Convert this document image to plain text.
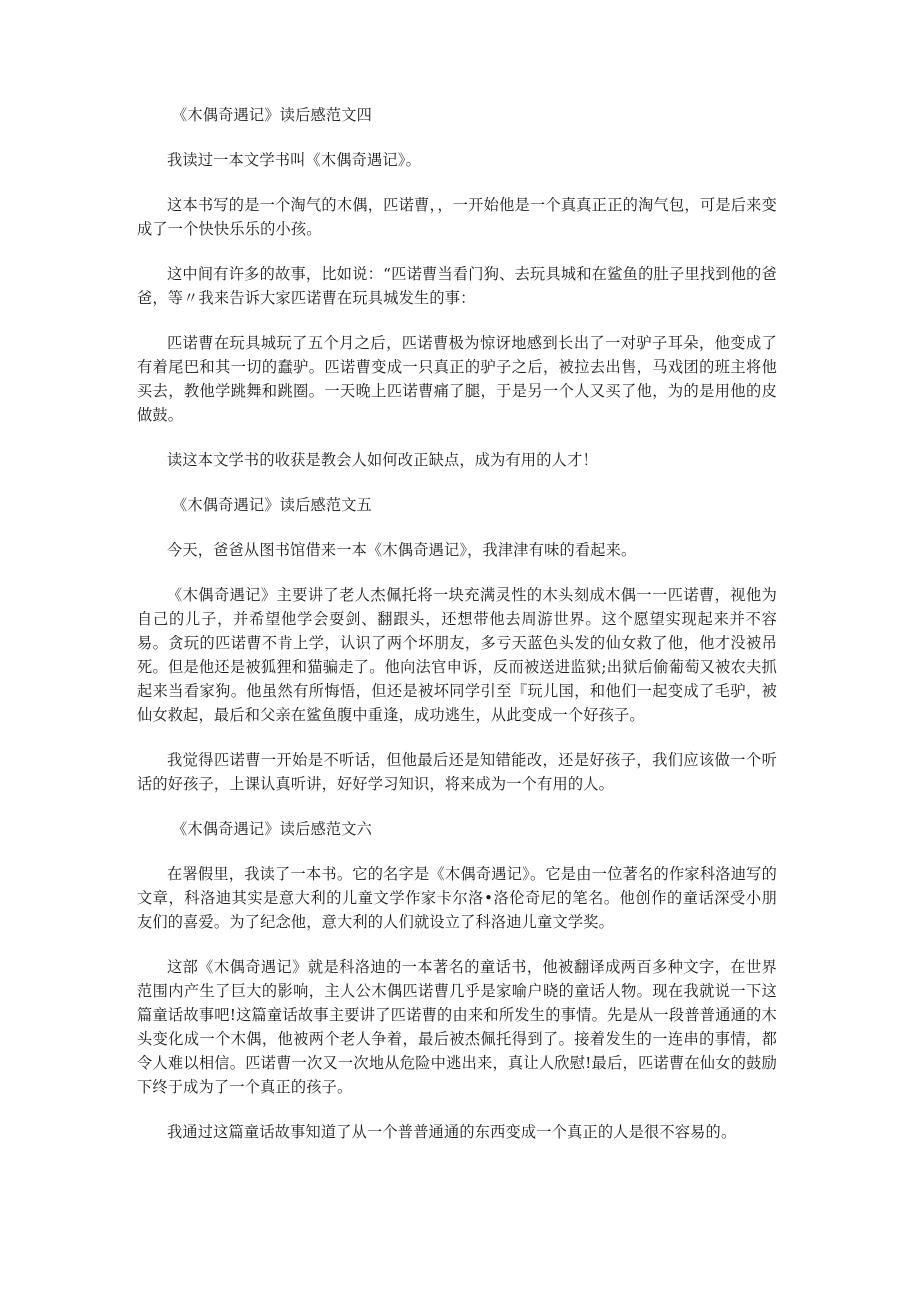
《木偶奇遇记》读后感范文四

我读过一本文学书叫《木偶奇遇记》。

这本书写的是一个淘气的木偶，匹诺曹，，一开始他是一个真真正正的淘气包，可是后来变成了一个快快乐乐的小孩。

这中间有许多的故事，比如说：“匹诺曹当看门狗、去玩具城和在鲨鱼的肚子里找到他的爸爸，等〃我来告诉大家匹诺曹在玩具城发生的事：

匹诺曹在玩具城玩了五个月之后，匹诺曹极为惊讶地感到长出了一对驴子耳朵，他变成了有着尾巴和其一切的蠢驴。匹诺曹变成一只真正的驴子之后，被拉去出售，马戏团的班主将他买去，教他学跳舞和跳圈。一天晚上匹诺曹痛了腿，于是另一个人又买了他，为的是用他的皮做鼓。

读这本文学书的收获是教会人如何改正缺点，成为有用的人才！

《木偶奇遇记》读后感范文五

今天，爸爸从图书馆借来一本《木偶奇遇记》，我津津有味的看起来。

《木偶奇遇记》主要讲了老人杰佩托将一块充满灵性的木头刻成木偶一一匹诺曹，视他为自己的儿子，并希望他学会耍剑、翻跟头，还想带他去周游世界。这个愿望实现起来并不容易。贪玩的匹诺曹不肯上学，认识了两个坏朋友，多亏天蓝色头发的仙女救了他，他才没被吊死。但是他还是被狐狸和猫骗走了。他向法官申诉，反而被送进监狱;出狱后偷葡萄又被农夫抓起来当看家狗。他虽然有所悔悟，但还是被坏同学引至『玩儿国，和他们一起变成了毛驴，被仙女救起，最后和父亲在鲨鱼腹中重逢，成功逃生，从此变成一个好孩子。

我觉得匹诺曹一开始是不听话，但他最后还是知错能改，还是好孩子，我们应该做一个听话的好孩子，上课认真听讲，好好学习知识，将来成为一个有用的人。

《木偶奇遇记》读后感范文六

在署假里，我读了一本书。它的名字是《木偶奇遇记》。它是由一位著名的作家科洛迪写的文章，科洛迪其实是意大利的儿童文学作家卡尔洛•洛伦奇尼的笔名。他创作的童话深受小朋友们的喜爱。为了纪念他，意大利的人们就设立了科洛迪儿童文学奖。

这部《木偶奇遇记》就是科洛迪的一本著名的童话书，他被翻译成两百多种文字，在世界范围内产生了巨大的影响，主人公木偶匹诺曹几乎是家喻户晓的童话人物。现在我就说一下这篇童话故事吧!这篇童话故事主要讲了匹诺曹的由来和所发生的事情。先是从一段普普通通的木头变化成一个木偶，他被两个老人争着，最后被杰佩托得到了。接着发生的一连串的事情，都令人难以相信。匹诺曹一次又一次地从危险中逃出来，真让人欣慰!最后，匹诺曹在仙女的鼓励下终于成为了一个真正的孩子。

我通过这篇童话故事知道了从一个普普通通的东西变成一个真正的人是很不容易的。
